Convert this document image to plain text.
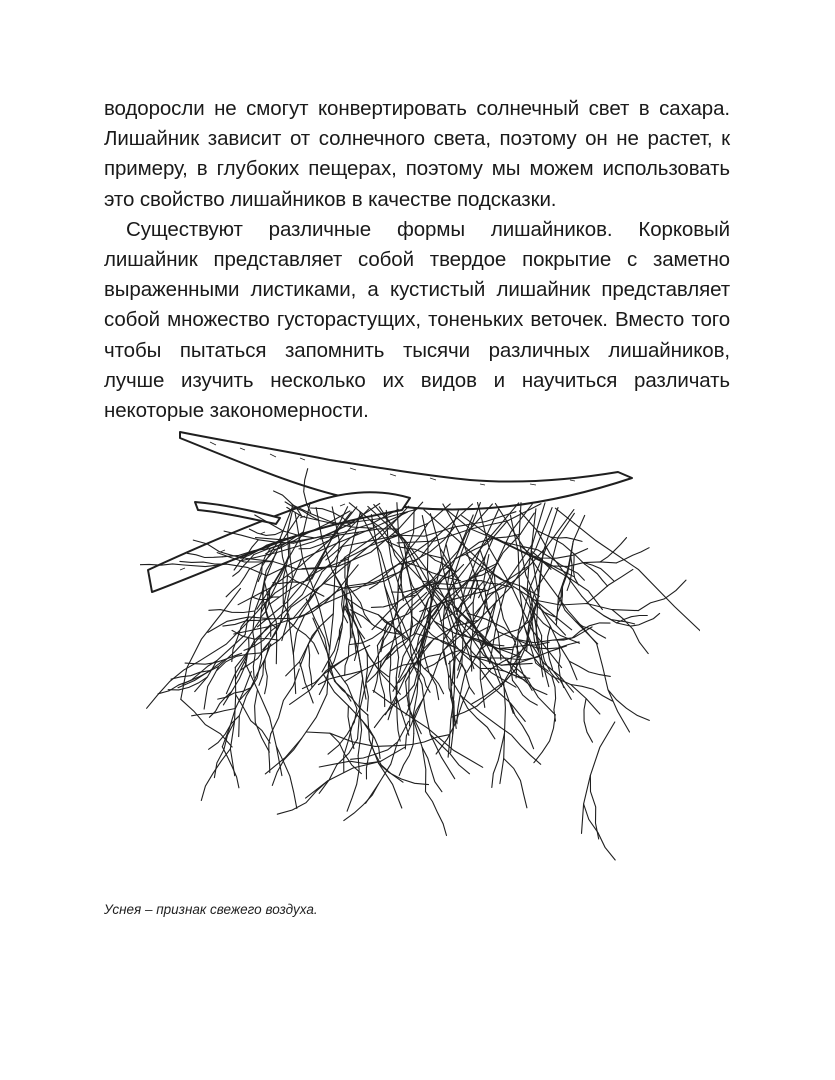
водоросли не смогут конвертировать солнечный свет в сахара. Лишайник зависит от солнечного света, поэтому он не растет, к примеру, в глубоких пещерах, поэтому мы можем использовать это свойство лишайников в качестве подсказки.

Существуют различные формы лишайников. Корковый лишайник представляет собой твердое покрытие с заметно выраженными листиками, а кустистый лишайник представляет собой множество густорастущих, тоненьких веточек. Вместо того чтобы пытаться запомнить тысячи различных лишайников, лучше изучить несколько их видов и научиться различать некоторые закономерности.

Уснея – признак свежего воздуха.
